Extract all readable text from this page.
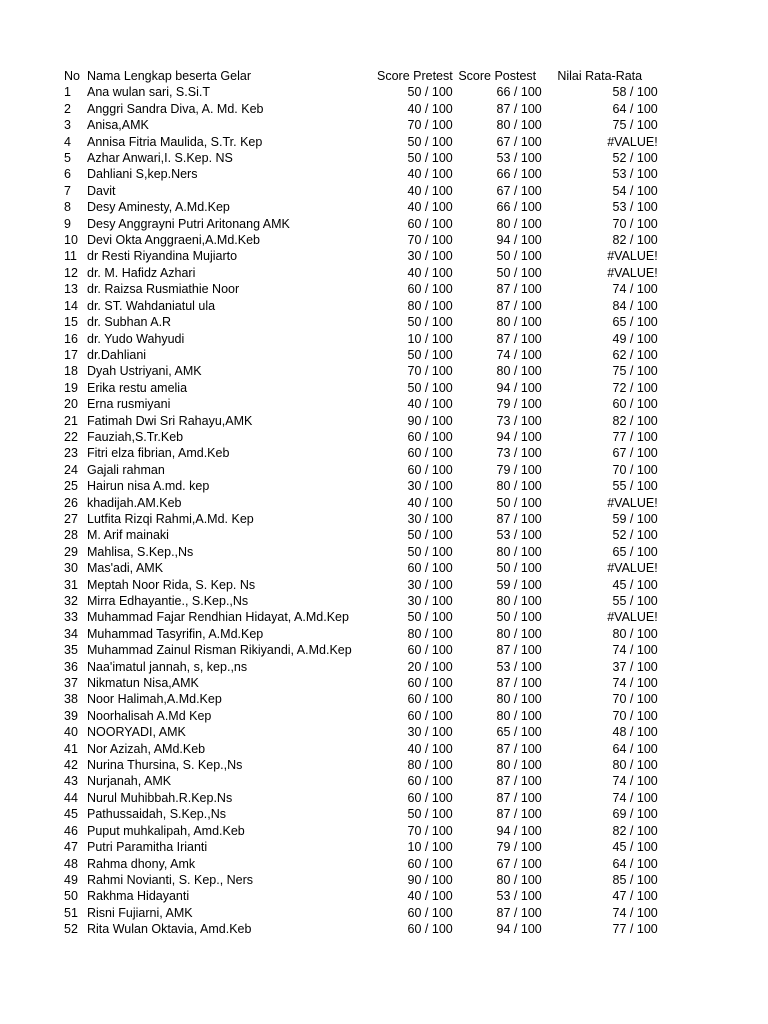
No	Nama Lengkap beserta Gelar	Score Pretest	Score Postest	Nilai Rata-Rata
1	Ana wulan sari, S.Si.T	50 / 100	66 / 100	58 / 100
2	Anggri Sandra Diva, A. Md. Keb	40 / 100	87 / 100	64 / 100
3	Anisa,AMK	70 / 100	80 / 100	75 / 100
4	Annisa Fitria Maulida, S.Tr. Kep	50 / 100	67 / 100	#VALUE!
5	Azhar Anwari,I. S.Kep. NS	50 / 100	53 / 100	52 / 100
6	Dahliani S,kep.Ners	40 / 100	66 / 100	53 / 100
7	Davit	40 / 100	67 / 100	54 / 100
8	Desy Aminesty, A.Md.Kep	40 / 100	66 / 100	53 / 100
9	Desy Anggrayni Putri Aritonang AMK	60 / 100	80 / 100	70 / 100
10	Devi Okta Anggraeni,A.Md.Keb	70 / 100	94 / 100	82 / 100
11	dr Resti Riyandina Mujiarto	30 / 100	50 / 100	#VALUE!
12	dr. M. Hafidz Azhari	40 / 100	50 / 100	#VALUE!
13	dr. Raizsa Rusmiathie Noor	60 / 100	87 / 100	74 / 100
14	dr. ST. Wahdaniatul ula	80 / 100	87 / 100	84 / 100
15	dr. Subhan A.R	50 / 100	80 / 100	65 / 100
16	dr. Yudo Wahyudi	10 / 100	87 / 100	49 / 100
17	dr.Dahliani	50 / 100	74 / 100	62 / 100
18	Dyah Ustriyani, AMK	70 / 100	80 / 100	75 / 100
19	Erika restu amelia	50 / 100	94 / 100	72 / 100
20	Erna rusmiyani	40 / 100	79 / 100	60 / 100
21	Fatimah Dwi Sri Rahayu,AMK	90 / 100	73 / 100	82 / 100
22	Fauziah,S.Tr.Keb	60 / 100	94 / 100	77 / 100
23	Fitri elza fibrian, Amd.Keb	60 / 100	73 / 100	67 / 100
24	Gajali rahman	60 / 100	79 / 100	70 / 100
25	Hairun nisa A.md. kep	30 / 100	80 / 100	55 / 100
26	khadijah.AM.Keb	40 / 100	50 / 100	#VALUE!
27	Lutfita Rizqi Rahmi,A.Md. Kep	30 / 100	87 / 100	59 / 100
28	M. Arif mainaki	50 / 100	53 / 100	52 / 100
29	Mahlisa, S.Kep.,Ns	50 / 100	80 / 100	65 / 100
30	Mas'adi, AMK	60 / 100	50 / 100	#VALUE!
31	Meptah Noor Rida, S. Kep. Ns	30 / 100	59 / 100	45 / 100
32	Mirra Edhayantie., S.Kep.,Ns	30 / 100	80 / 100	55 / 100
33	Muhammad Fajar Rendhian Hidayat, A.Md.Kep	50 / 100	50 / 100	#VALUE!
34	Muhammad Tasyrifin, A.Md.Kep	80 / 100	80 / 100	80 / 100
35	Muhammad Zainul Risman Rikiyandi, A.Md.Kep	60 / 100	87 / 100	74 / 100
36	Naa'imatul jannah, s, kep.,ns	20 / 100	53 / 100	37 / 100
37	Nikmatun Nisa,AMK	60 / 100	87 / 100	74 / 100
38	Noor Halimah,A.Md.Kep	60 / 100	80 / 100	70 / 100
39	Noorhalisah A.Md Kep	60 / 100	80 / 100	70 / 100
40	NOORYADI, AMK	30 / 100	65 / 100	48 / 100
41	Nor Azizah, AMd.Keb	40 / 100	87 / 100	64 / 100
42	Nurina Thursina, S. Kep.,Ns	80 / 100	80 / 100	80 / 100
43	Nurjanah, AMK	60 / 100	87 / 100	74 / 100
44	Nurul Muhibbah.R.Kep.Ns	60 / 100	87 / 100	74 / 100
45	Pathussaidah, S.Kep.,Ns	50 / 100	87 / 100	69 / 100
46	Puput muhkalipah, Amd.Keb	70 / 100	94 / 100	82 / 100
47	Putri Paramitha Irianti	10 / 100	79 / 100	45 / 100
48	Rahma dhony, Amk	60 / 100	67 / 100	64 / 100
49	Rahmi Novianti, S. Kep., Ners	90 / 100	80 / 100	85 / 100
50	Rakhma Hidayanti	40 / 100	53 / 100	47 / 100
51	Risni Fujiarni, AMK	60 / 100	87 / 100	74 / 100
52	Rita Wulan Oktavia, Amd.Keb	60 / 100	94 / 100	77 / 100
